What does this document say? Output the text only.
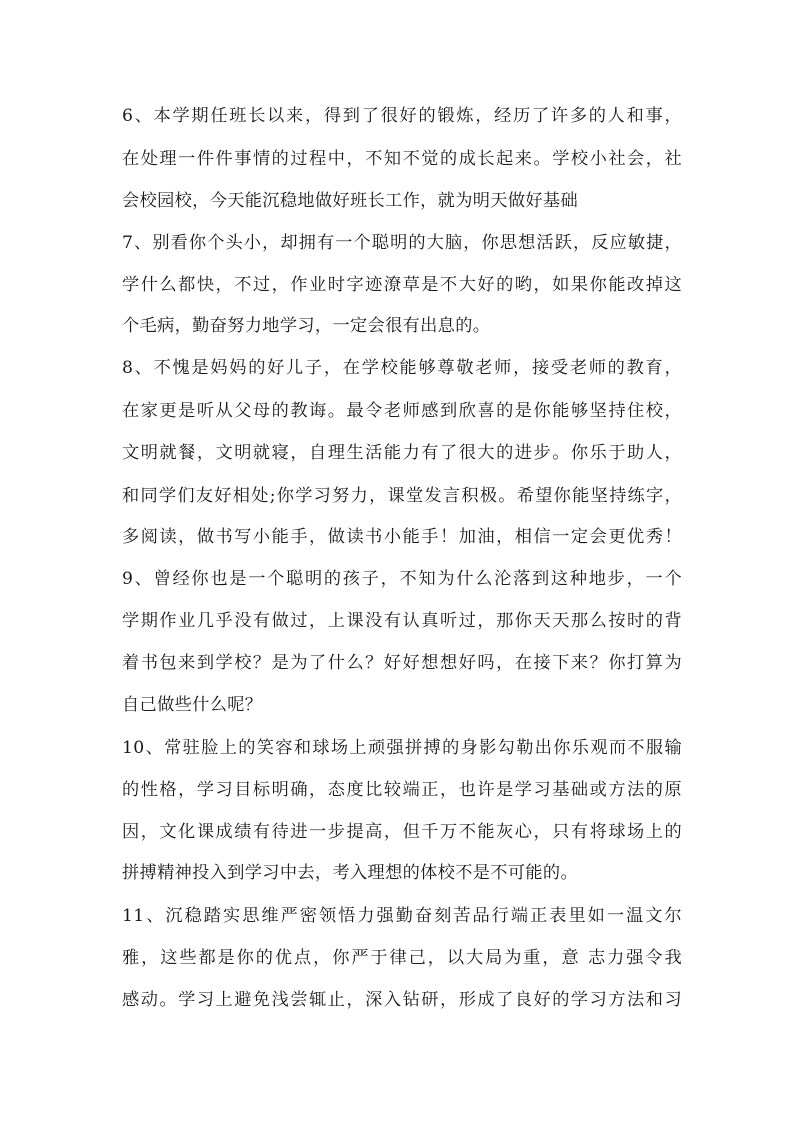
6、本学期任班长以来，得到了很好的锻炼，经历了许多的人和事，
在处理一件件事情的过程中，不知不觉的成长起来。学校小社会，社
会校园校，今天能沉稳地做好班长工作，就为明天做好基础
7、别看你个头小，却拥有一个聪明的大脑，你思想活跃，反应敏捷，
学什么都快，不过，作业时字迹潦草是不大好的哟，如果你能改掉这
个毛病，勤奋努力地学习，一定会很有出息的。
8、不愧是妈妈的好儿子，在学校能够尊敬老师，接受老师的教育，
在家更是听从父母的教诲。最令老师感到欣喜的是你能够坚持住校，
文明就餐，文明就寝，自理生活能力有了很大的进步。你乐于助人，
和同学们友好相处;你学习努力，课堂发言积极。希望你能坚持练字，
多阅读，做书写小能手，做读书小能手！加油，相信一定会更优秀！
9、曾经你也是一个聪明的孩子，不知为什么沦落到这种地步，一个
学期作业几乎没有做过，上课没有认真听过，那你天天那么按时的背
着书包来到学校？是为了什么？好好想想好吗，在接下来？你打算为
自己做些什么呢？
10、常驻脸上的笑容和球场上顽强拼搏的身影勾勒出你乐观而不服输
的性格，学习目标明确，态度比较端正，也许是学习基础或方法的原
因，文化课成绩有待进一步提高，但千万不能灰心，只有将球场上的
拼搏精神投入到学习中去，考入理想的体校不是不可能的。
11、沉稳踏实思维严密领悟力强勤奋刻苦品行端正表里如一温文尔
雅，这些都是你的优点，你严于律己，以大局为重，意 志力强令我
感动。学习上避免浅尝辄止，深入钻研，形成了良好的学习方法和习
